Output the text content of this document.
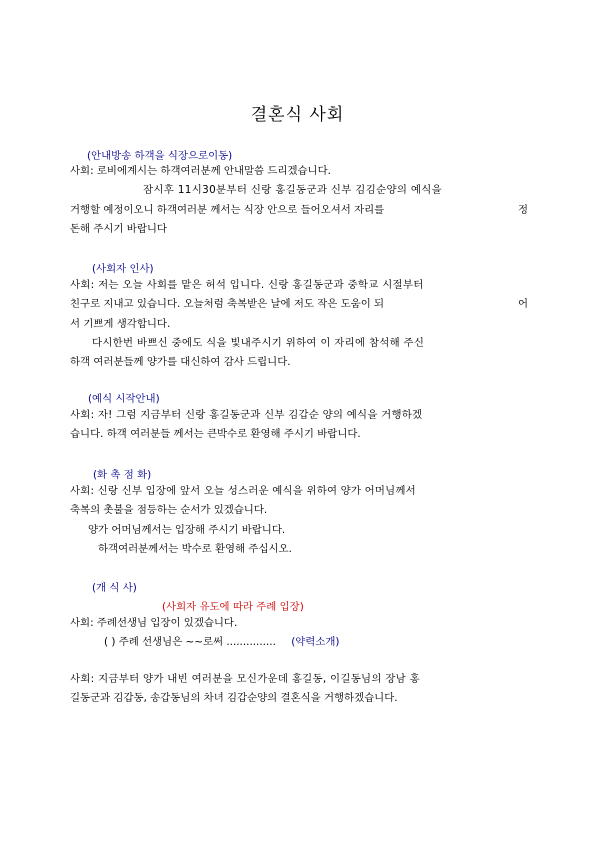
결혼식 사회
(안내방송 하객을 식장으로이동)
사회: 로비에계시는 하객여러분께 안내말씀 드리겠습니다.
잠시후 11시30분부터 신랑 홍길동군과 신부 김김순양의 예식을
거행할 예정이오니 하객여러분 께서는 식장 안으로 들어오셔서 자리를	정
돈해 주시기 바랍니다
(사회자 인사)
사회: 저는 오늘 사회를 맡은 허석 입니다. 신랑 홍길동군과 중학교 시절부터
친구로 지내고 있습니다. 오늘처럼 축복받은 날에 저도 작은 도움이 되	어
서 기쁘게 생각합니다.
다시한번 바쁘신 중에도 식을 빛내주시기 위하여 이 자리에 참석해 주신
하객 여러분들께 양가를 대신하여 감사 드립니다.
(예식 시작안내)
사회: 자! 그럼 지금부터 신랑 홍길동군과 신부 김갑순 양의 예식을 거행하겠
습니다. 하객 여러분들 께서는 큰박수로 환영해 주시기 바랍니다.
(화 촉 점 화)
사회: 신랑 신부 입장에 앞서 오늘 성스러운 예식을 위하여 양가 어머님께서
축복의 촛불을 점등하는 순서가 있겠습니다.
양가 어머님께서는 입장해 주시기 바랍니다.
하객여러분께서는 박수로 환영해 주십시오.
(개 식 사)
(사회자 유도에 따라 주례 입장)
사회: 주례선생님 입장이 있겠습니다.
( ) 주례 선생님은 ~~로써 ............... (약력소개)
사회: 지금부터 양가 내빈 여러분을 모신가운데 홍길동, 이길동님의 장남 홍
길동군과 김갑동, 송갑동님의 차녀 김갑순양의 결혼식을 거행하겠습니다.
